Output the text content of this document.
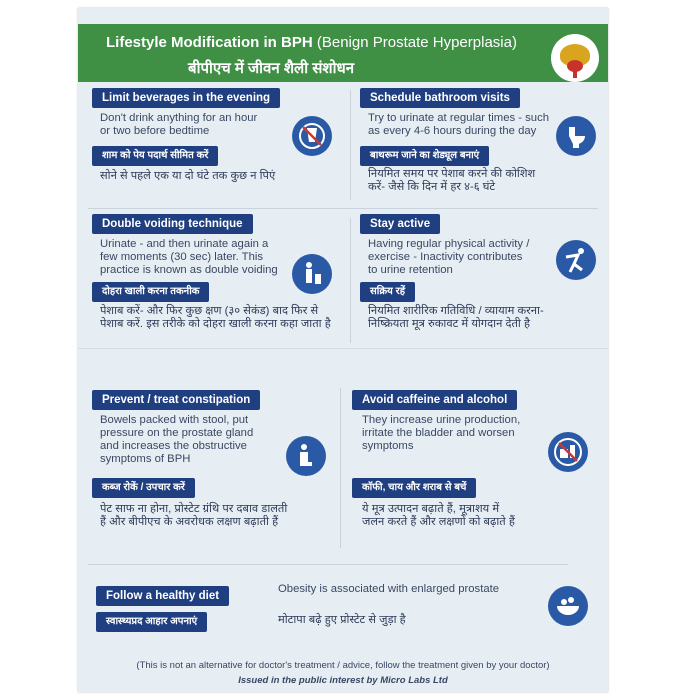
Lifestyle Modification in BPH (Benign Prostate Hyperplasia)
बीपीएच में जीवन शैली संशोधन
Limit beverages in the evening
Don't drink anything for an hour
or two before bedtime
शाम को पेय पदार्थ सीमित करें
सोने से पहले एक या दो घंटे तक कुछ न पिएं
Schedule bathroom visits
Try to urinate at regular times - such
as every 4-6 hours during the day
बाथरूम जाने का शेड्यूल बनाएं
नियमित समय पर पेशाब करने की कोशिश
करें- जैसे कि दिन में हर ४-६ घंटे
Double voiding technique
Urinate - and then urinate again a
few moments (30 sec) later. This
practice is known as double voiding
दोहरा खाली करना तकनीक
पेशाब करें- और फिर कुछ क्षण (३० सेकंड) बाद फिर से
पेशाब करें. इस तरीके को दोहरा खाली करना कहा जाता है
Stay active
Having regular physical activity /
exercise - Inactivity contributes
to urine retention
सक्रिय रहें
नियमित शारीरिक गतिविधि / व्यायाम करना-
निष्क्रियता मूत्र रुकावट में योगदान देती है
Prevent / treat constipation
Bowels packed with stool, put
pressure on the prostate gland
and increases the obstructive
symptoms of BPH
कब्ज रोकें / उपचार करें
पेट साफ ना होना, प्रोस्टेट ग्रंथि पर दबाव डालती
हैं और बीपीएच के अवरोधक लक्षण बढ़ाती हैं
Avoid caffeine and alcohol
They increase urine production,
irritate the bladder and worsen
symptoms
कॉफी, चाय और शराब से बचें
ये मूत्र उत्पादन बढ़ाते हैं, मूत्राशय में
जलन करते हैं और लक्षणों को बढ़ाते हैं
Follow a healthy diet
Obesity is associated with enlarged prostate
स्वास्थ्यप्रद आहार अपनाएं	मोटापा बढ़े हुए प्रोस्टेट से जुड़ा है
(This is not an alternative for doctor's treatment / advice, follow the treatment given by your doctor)
Issued in the public interest by Micro Labs Ltd
